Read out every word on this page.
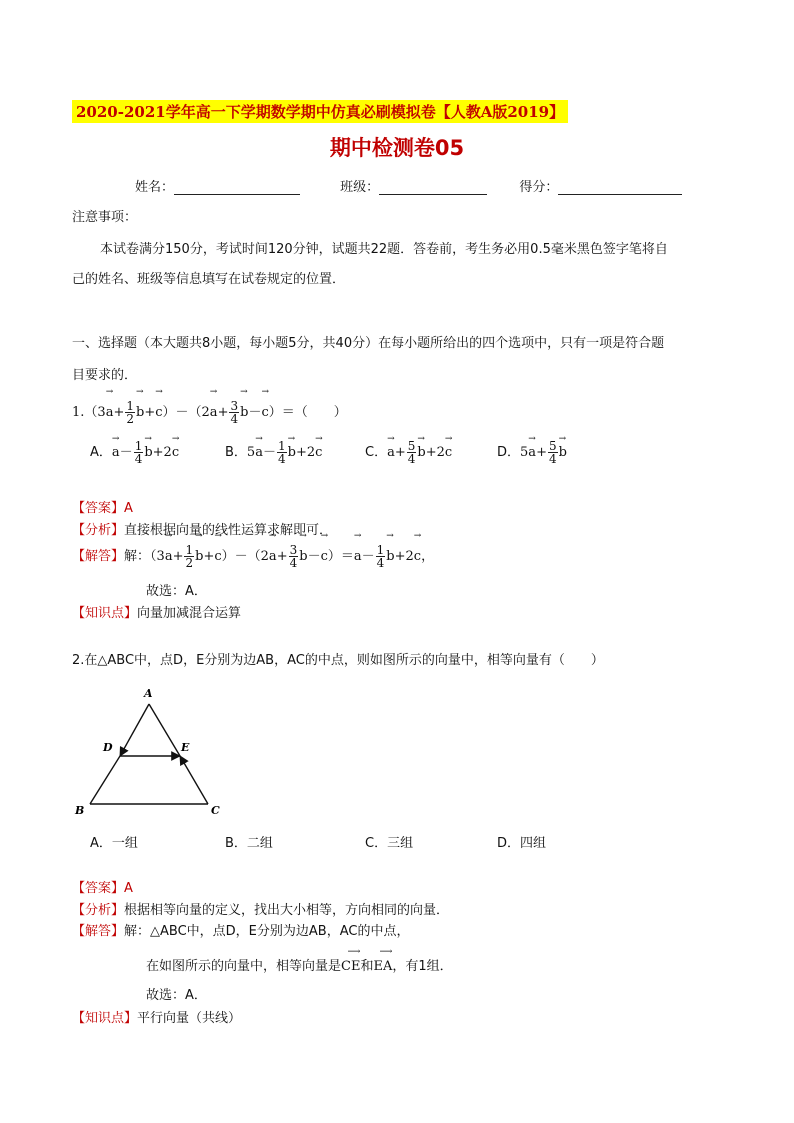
2020-2021学年高一下学期数学期中仿真必刷模拟卷【人教A版2019】
期中检测卷05
姓名：	班级：	得分：
注意事项：
本试卷满分150分，考试时间120分钟，试题共22题．答卷前，考生务必用0.5毫米黑色签字笔将自
己的姓名、班级等信息填写在试卷规定的位置．
一、选择题（本大题共8小题，每小题5分，共40分）在每小题所给出的四个选项中，只有一项是符合题
目要求的．
$1.(3\to a+ \frac{1}{2}$
→ $b+\to c)-(2\to a+ \frac{3}{4}$
→ b－→ c）＝（　　）
A．→ $a- \frac{1}{4}$
→ b+2→ c	B．$5\to a- \frac{1}{4}$
→ b+2→ c	C．→ $a+ \frac{5}{4}$
→ b+2→ c	D．$5\to a+ \frac{5}{4}$
→ b
【答案】A
【分析】直接根据向量的线性运算求解即可．
【解答】解：（$3\to a+ \frac{1}{2}$
→ $b+\to c)-(2\to a+ \frac{3}{4}$
→ $b-\to c)=\to a- \frac{1}{4}$
→ b+2→ c，
故选：A．
【知识点】向量加减混合运算
2.在△ABC中，点D，E分别为边AB，AC的中点，则如图所示的向量中，相等向量有（　　）
A
D	E
B	C
A．一组	B．二组	C．三组	D．四组
【答案】A
【分析】根据相等向量的定义，找出大小相等，方向相同的向量．
【解答】解：△ABC中，点D，E分别为边AB，AC的中点，
在如图所示的向量中，相等向量是
⟶
CE和
⟶
EA，有1组．
故选：A．
【知识点】平行向量（共线）
